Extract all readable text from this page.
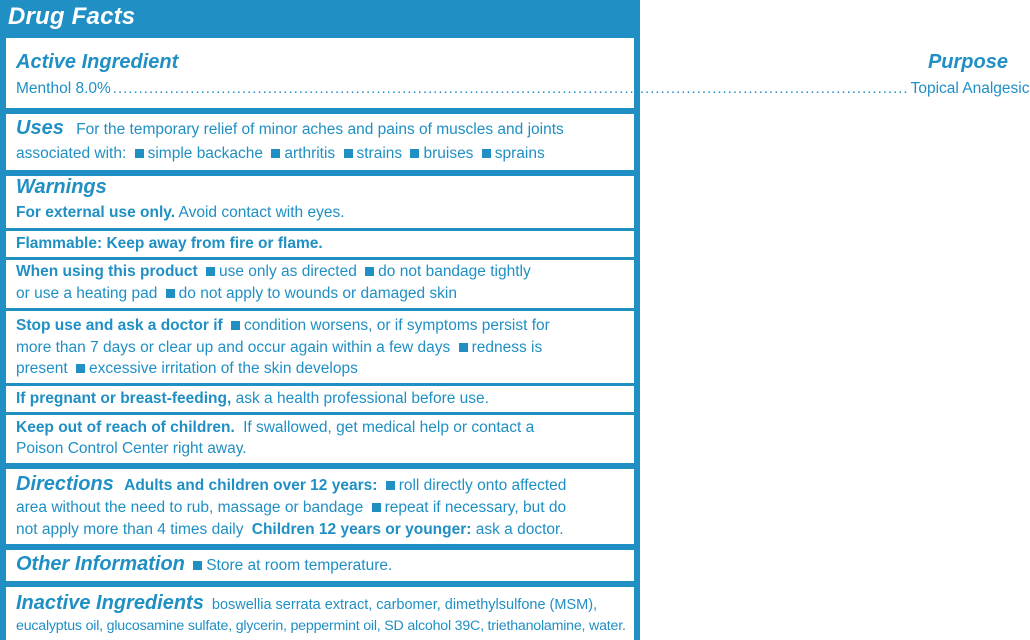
Drug Facts
Active Ingredient	Purpose
Menthol 8.0% .......................................................................................................................................................... Topical Analgesic
Uses For the temporary relief of minor aches and pains of muscles and joints
associated with: simple backache arthritis strains bruises sprains
Warnings
For external use only. Avoid contact with eyes.
Flammable: Keep away from fire or flame.
When using this product use only as directed do not bandage tightly
or use a heating pad do not apply to wounds or damaged skin
Stop use and ask a doctor if condition worsens, or if symptoms persist for
more than 7 days or clear up and occur again within a few days redness is
present excessive irritation of the skin develops
If pregnant or breast-feeding, ask a health professional before use.
Keep out of reach of children. If swallowed, get medical help or contact a
Poison Control Center right away.
Directions Adults and children over 12 years: roll directly onto affected
area without the need to rub, massage or bandage repeat if necessary, but do
not apply more than 4 times daily Children 12 years or younger: ask a doctor.
Other Information Store at room temperature.
Inactive Ingredients boswellia serrata extract, carbomer, dimethylsulfone (MSM),
eucalyptus oil, glucosamine sulfate, glycerin, peppermint oil, SD alcohol 39C, triethanolamine, water.
